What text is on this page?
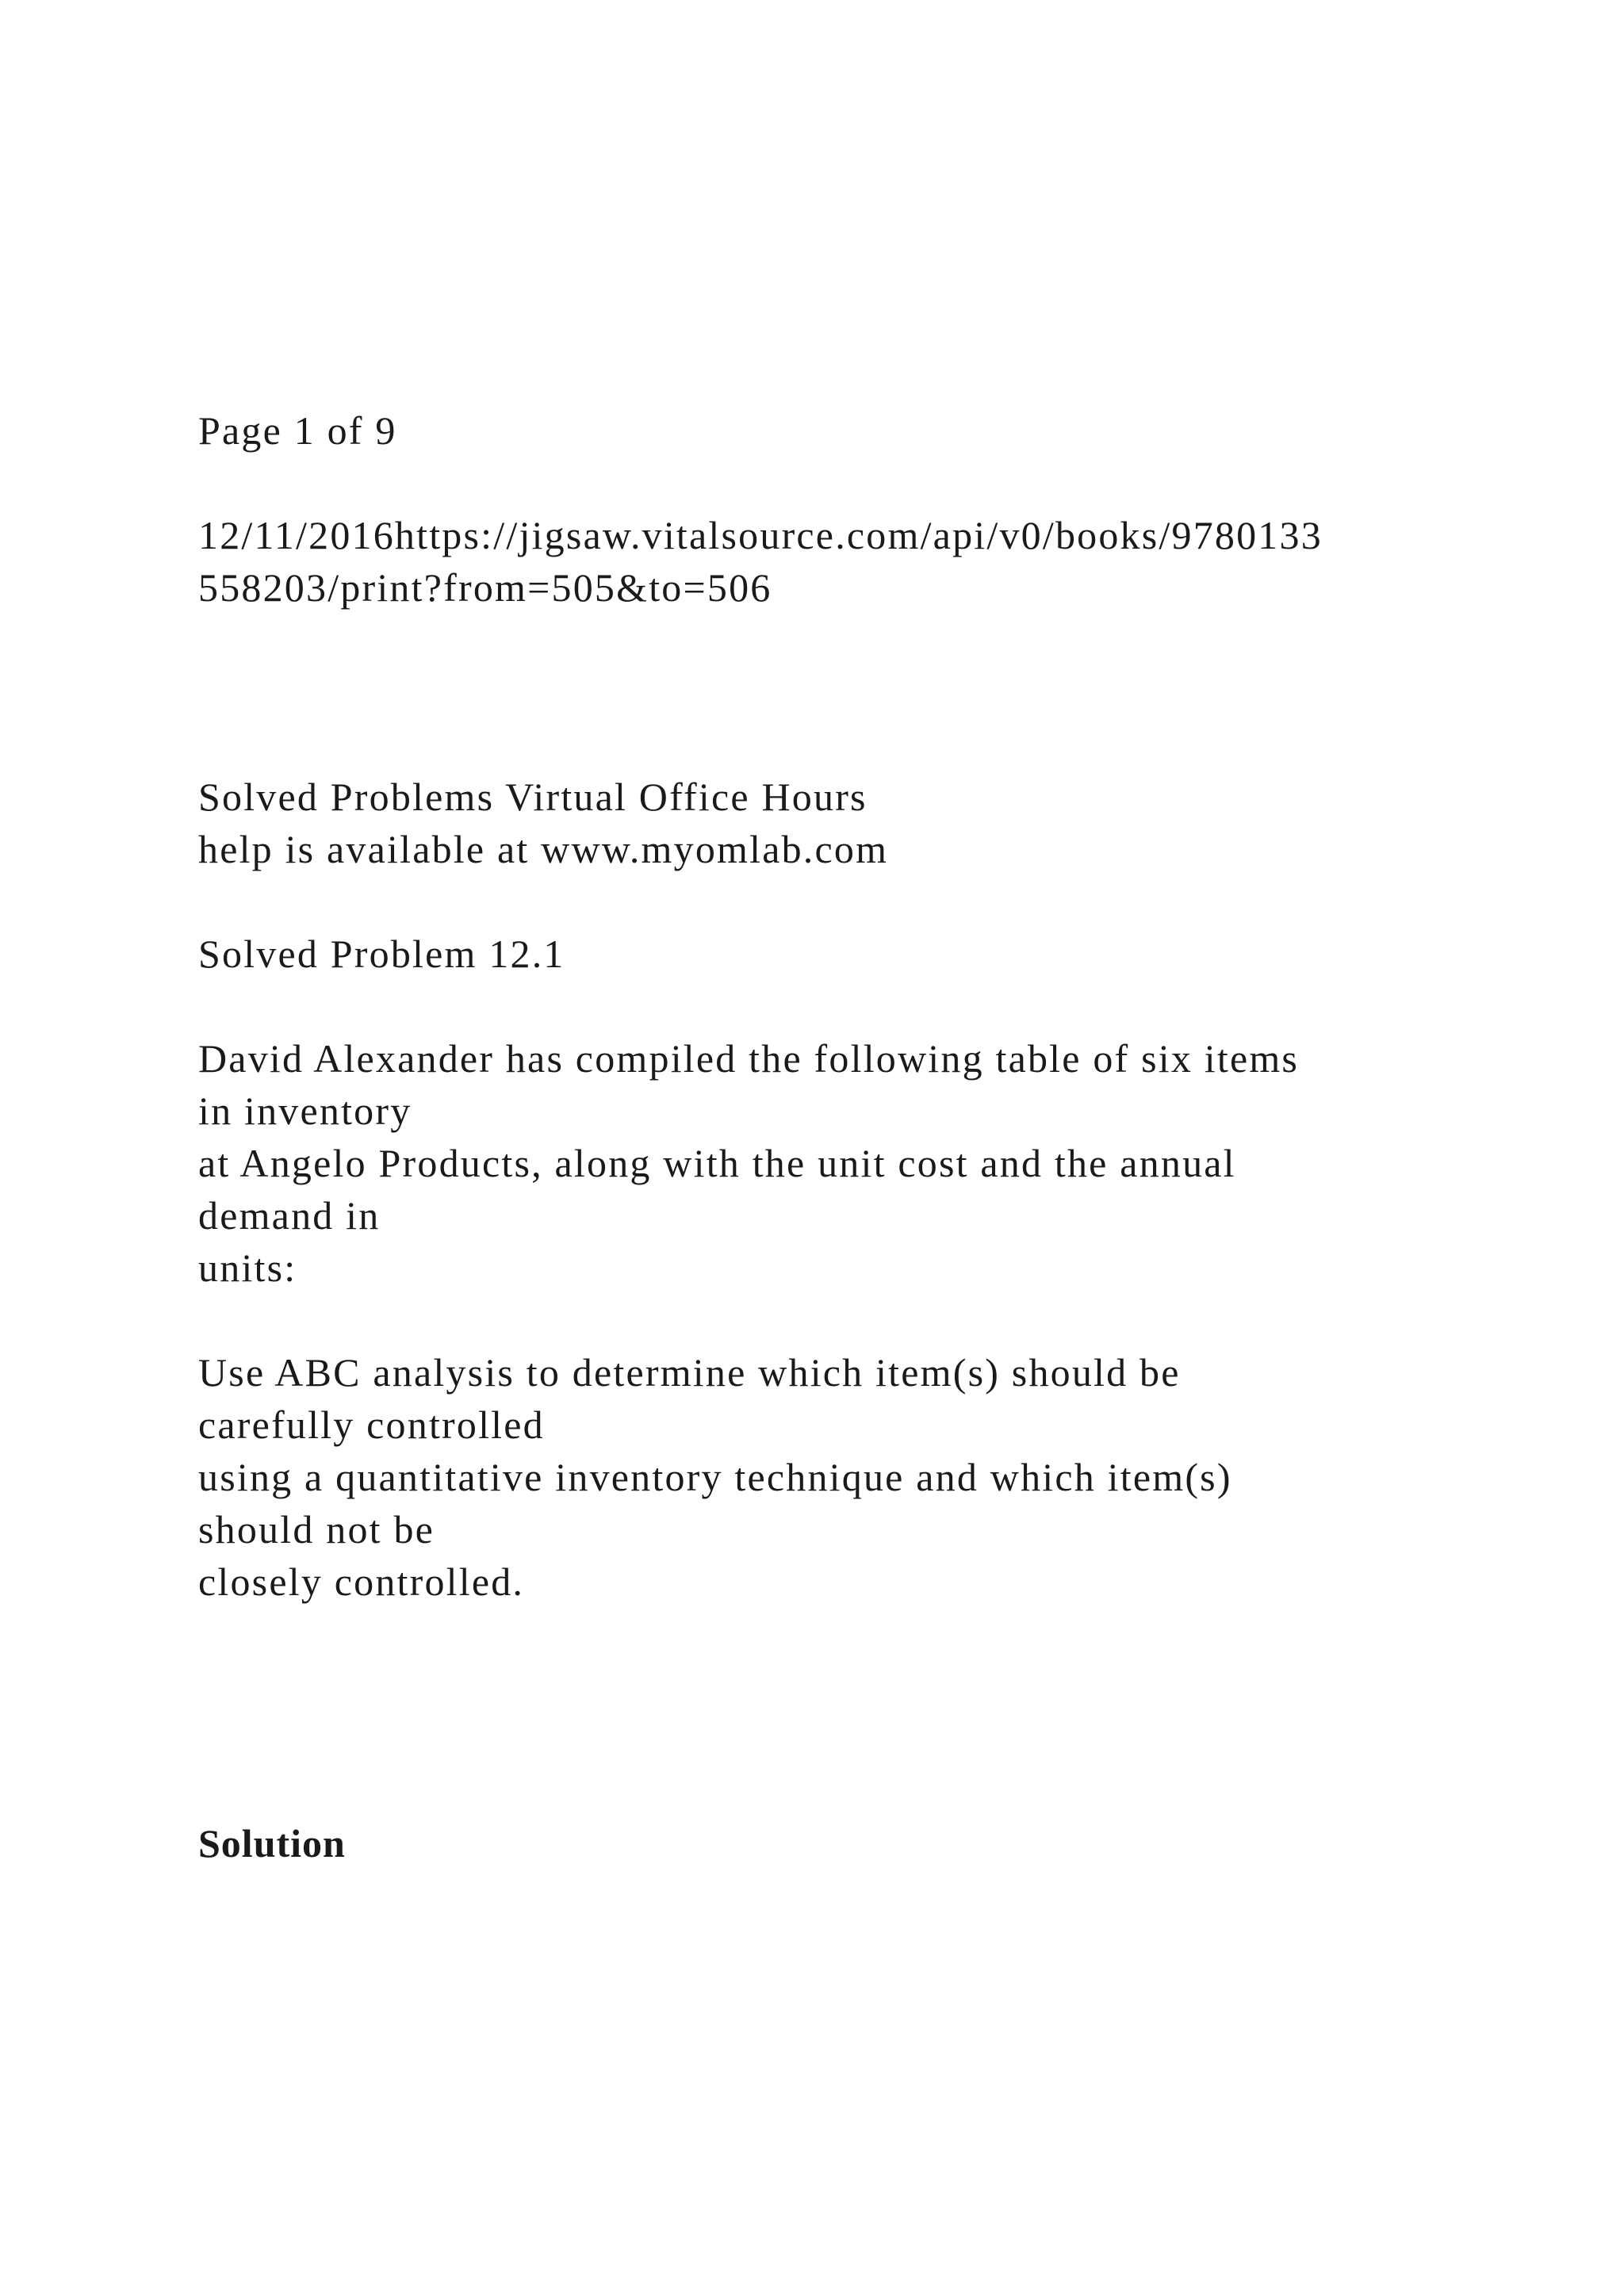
Page 1 of 9

12/11/2016https://jigsaw.vitalsource.com/api/v0/books/9780133

558203/print?from=505&to=506

Solved Problems Virtual Office Hours

help is available at www.myomlab.com

Solved Problem 12.1

David Alexander has compiled the following table of six items

in inventory

at Angelo Products, along with the unit cost and the annual

demand in

units:

Use ABC analysis to determine which item(s) should be

carefully controlled

using a quantitative inventory technique and which item(s)

should not be

closely controlled.

Solution
